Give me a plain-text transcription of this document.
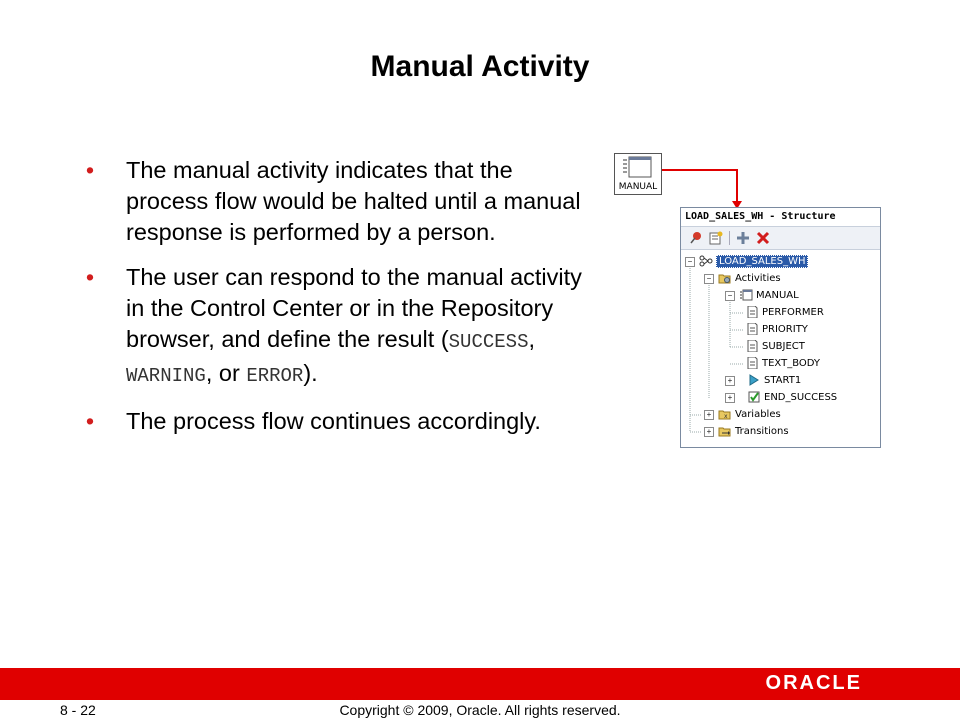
Manual Activity
• The manual activity indicates that the process flow would be halted until a manual response is performed by a person.
• The user can respond to the manual activity in the Control Center or in the Repository browser, and define the result (SUCCESS, WARNING, or ERROR).
• The process flow continues accordingly.
MANUAL
LOAD_SALES_WH - Structure
−	LOAD_SALES_WH
−	Activities
−	MANUAL
PERFORMER
PRIORITY
SUBJECT
TEXT_BODY
+	START1
+	END_SUCCESS
+	x Variables
+	Transitions
ORACLE
8 - 22	Copyright © 2009, Oracle. All rights reserved.
